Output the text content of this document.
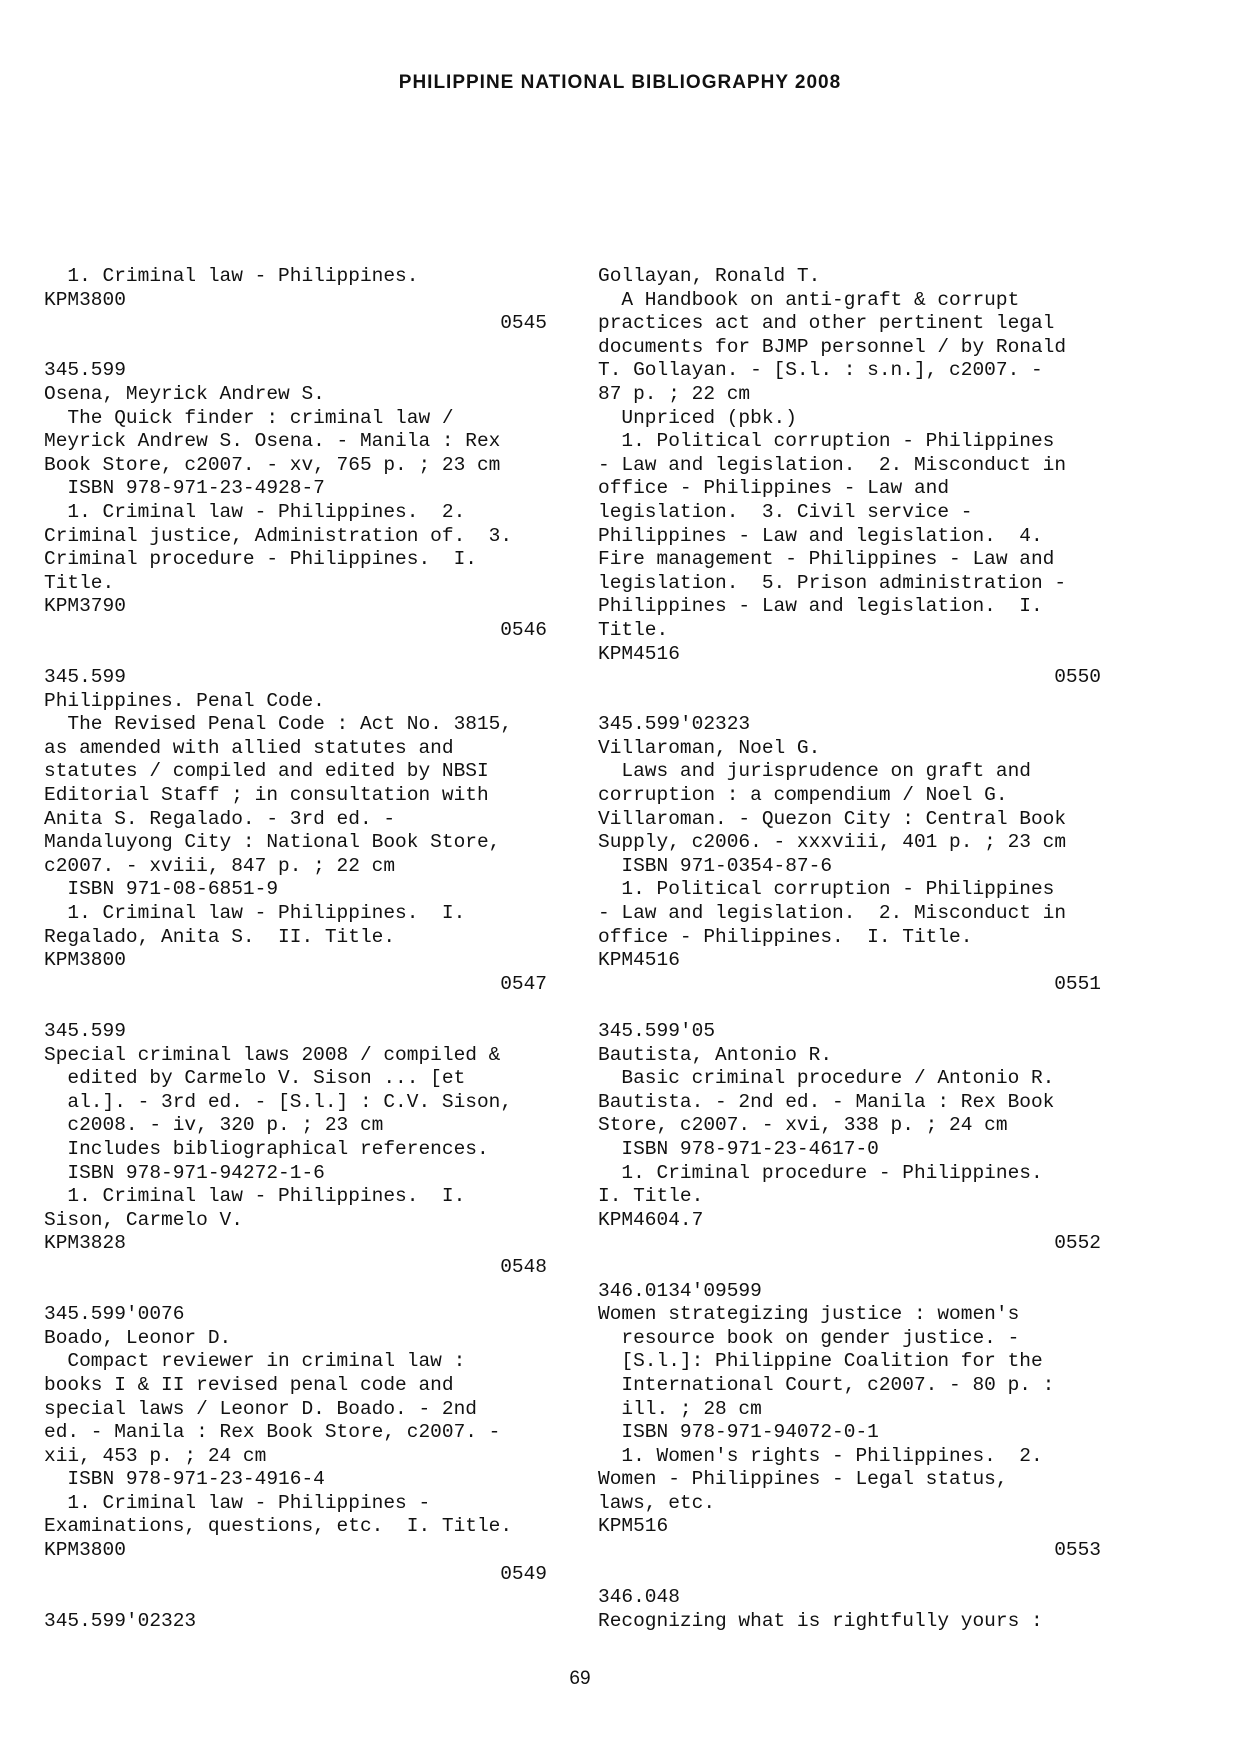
PHILIPPINE NATIONAL BIBLIOGRAPHY 2008
1. Criminal law - Philippines.
KPM3800
0545
345.599
Osena, Meyrick Andrew S.
The Quick finder : criminal law /
Meyrick Andrew S. Osena. - Manila : Rex
Book Store, c2007. - xv, 765 p. ; 23 cm
ISBN 978-971-23-4928-7
1. Criminal law - Philippines.  2.
Criminal justice, Administration of.  3.
Criminal procedure - Philippines.  I.
Title.
KPM3790
0546
345.599
Philippines. Penal Code.
The Revised Penal Code : Act No. 3815,
as amended with allied statutes and
statutes / compiled and edited by NBSI
Editorial Staff ; in consultation with
Anita S. Regalado. - 3rd ed. -
Mandaluyong City : National Book Store,
c2007. - xviii, 847 p. ; 22 cm
ISBN 971-08-6851-9
1. Criminal law - Philippines.  I.
Regalado, Anita S.  II. Title.
KPM3800
0547
345.599
Special criminal laws 2008 / compiled &
edited by Carmelo V. Sison ... [et
al.]. - 3rd ed. - [S.l.] : C.V. Sison,
c2008. - iv, 320 p. ; 23 cm
Includes bibliographical references.
ISBN 978-971-94272-1-6
1. Criminal law - Philippines.  I.
Sison, Carmelo V.
KPM3828
0548
345.599'0076
Boado, Leonor D.
Compact reviewer in criminal law :
books I & II revised penal code and
special laws / Leonor D. Boado. - 2nd
ed. - Manila : Rex Book Store, c2007. -
xii, 453 p. ; 24 cm
ISBN 978-971-23-4916-4
1. Criminal law - Philippines -
Examinations, questions, etc.  I. Title.
KPM3800
0549
345.599'02323
Gollayan, Ronald T.
A Handbook on anti-graft & corrupt
practices act and other pertinent legal
documents for BJMP personnel / by Ronald
T. Gollayan. - [S.l. : s.n.], c2007. -
87 p. ; 22 cm
Unpriced (pbk.)
1. Political corruption - Philippines
- Law and legislation.  2. Misconduct in
office - Philippines - Law and
legislation.  3. Civil service -
Philippines - Law and legislation.  4.
Fire management - Philippines - Law and
legislation.  5. Prison administration -
Philippines - Law and legislation.  I.
Title.
KPM4516
0550
345.599'02323
Villaroman, Noel G.
Laws and jurisprudence on graft and
corruption : a compendium / Noel G.
Villaroman. - Quezon City : Central Book
Supply, c2006. - xxxviii, 401 p. ; 23 cm
ISBN 971-0354-87-6
1. Political corruption - Philippines
- Law and legislation.  2. Misconduct in
office - Philippines.  I. Title.
KPM4516
0551
345.599'05
Bautista, Antonio R.
Basic criminal procedure / Antonio R.
Bautista. - 2nd ed. - Manila : Rex Book
Store, c2007. - xvi, 338 p. ; 24 cm
ISBN 978-971-23-4617-0
1. Criminal procedure - Philippines.
I. Title.
KPM4604.7
0552
346.0134'09599
Women strategizing justice : women's
resource book on gender justice. -
[S.l.]: Philippine Coalition for the
International Court, c2007. - 80 p. :
ill. ; 28 cm
ISBN 978-971-94072-0-1
1. Women's rights - Philippines.  2.
Women - Philippines - Legal status,
laws, etc.
KPM516
0553
346.048
Recognizing what is rightfully yours :
69
